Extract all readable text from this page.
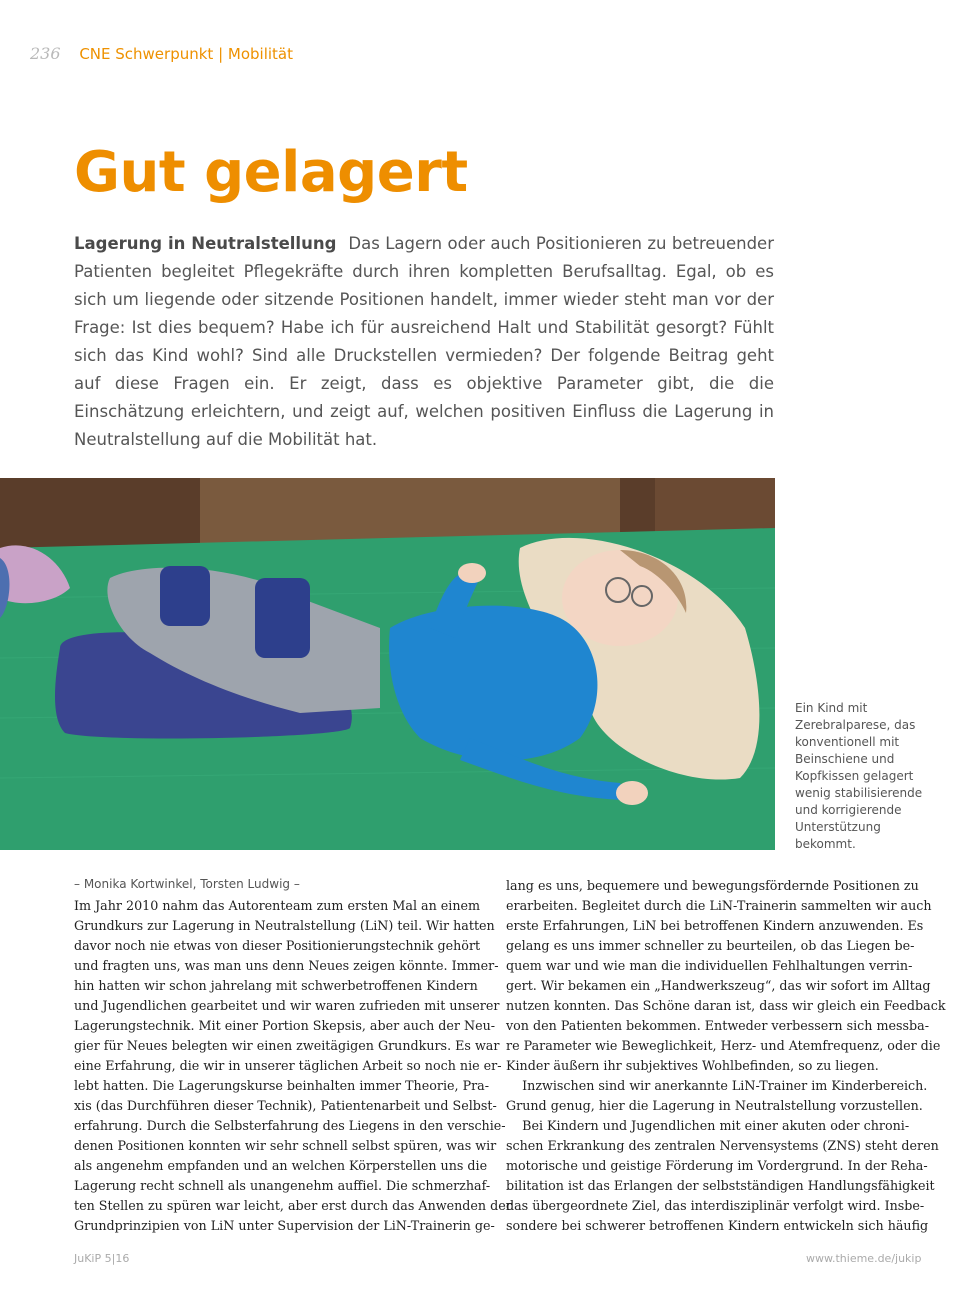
236 CNE Schwerpunkt | Mobilität
Gut gelagert

Lagerung in Neutralstellung Das Lagern oder auch Positionieren zu betreuender Patienten begleitet Pflegekräfte durch ihren kompletten Berufsalltag. Egal, ob es sich um liegende oder sitzende Positionen handelt, immer wieder steht man vor der Frage: Ist dies bequem? Habe ich für ausreichend Halt und Stabilität gesorgt? Fühlt sich das Kind wohl? Sind alle Druckstellen vermieden? Der folgende Beitrag geht auf diese Fragen ein. Er zeigt, dass es objektive Parameter gibt, die die Einschätzung erleichtern, und zeigt auf, welchen positiven Einfluss die Lagerung in Neutralstellung auf die Mobilität hat.

Monika Kortwinkel
Ein Kind mit
Zerebralparese, das
konventionell mit
Beinschiene und
Kopfkissen gelagert
wenig stabilisierende
und korrigierende
Unterstützung
bekommt.
– Monika Kortwinkel, Torsten Ludwig –
Im Jahr 2010 nahm das Autorenteam zum ersten Mal an einem
Grundkurs zur Lagerung in Neutralstellung (LiN) teil. Wir hatten
davor noch nie etwas von dieser Positionierungstechnik gehört
und fragten uns, was man uns denn Neues zeigen könnte. Immer-
hin hatten wir schon jahrelang mit schwerbetroffenen Kindern
und Jugendlichen gearbeitet und wir waren zufrieden mit unserer
Lagerungstechnik. Mit einer Portion Skepsis, aber auch der Neu-
gier für Neues belegten wir einen zweitägigen Grundkurs. Es war
eine Erfahrung, die wir in unserer täglichen Arbeit so noch nie er-
lebt hatten. Die Lagerungskurse beinhalten immer Theorie, Pra-
xis (das Durchführen dieser Technik), Patientenarbeit und Selbst-
erfahrung. Durch die Selbsterfahrung des Liegens in den verschie-
denen Positionen konnten wir sehr schnell selbst spüren, was wir
als angenehm empfanden und an welchen Körperstellen uns die
Lagerung recht schnell als unangenehm auffiel. Die schmerzhaf-
ten Stellen zu spüren war leicht, aber erst durch das Anwenden der
Grundprinzipien von LiN unter Supervision der LiN-Trainerin ge-
lang es uns, bequemere und bewegungsfördernde Positionen zu
erarbeiten. Begleitet durch die LiN-Trainerin sammelten wir auch
erste Erfahrungen, LiN bei betroffenen Kindern anzuwenden. Es
gelang es uns immer schneller zu beurteilen, ob das Liegen be-
quem war und wie man die individuellen Fehlhaltungen verrin-
gert. Wir bekamen ein „Handwerkszeug“, das wir sofort im Alltag
nutzen konnten. Das Schöne daran ist, dass wir gleich ein Feedback
von den Patienten bekommen. Entweder verbessern sich messba-
re Parameter wie Beweglichkeit, Herz- und Atemfrequenz, oder die
Kinder äußern ihr subjektives Wohlbefinden, so zu liegen.
Inzwischen sind wir anerkannte LiN-Trainer im Kinderbereich.
Grund genug, hier die Lagerung in Neutralstellung vorzustellen.
Bei Kindern und Jugendlichen mit einer akuten oder chroni-
schen Erkrankung des zentralen Nervensystems (ZNS) steht deren
motorische und geistige Förderung im Vordergrund. In der Reha-
bilitation ist das Erlangen der selbstständigen Handlungsfähigkeit
das übergeordnete Ziel, das interdisziplinär verfolgt wird. Insbe-
sondere bei schwerer betroffenen Kindern entwickeln sich häufig
JuKiP 5|16	www.thieme.de/jukip
